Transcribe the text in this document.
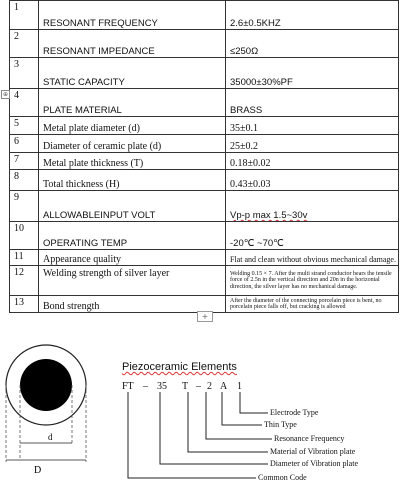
1	RESONANT FREQUENCY	2.6±0.5KHZ
2	RESONANT IMPEDANCE	≤250Ω
3	STATIC CAPACITY	35000±30%PF
4	PLATE MATERIAL	BRASS
5	Metal plate diameter (d)	35±0.1
6	Diameter of ceramic plate (d)	25±0.2
7	Metal plate thickness (T)	0.18±0.02
8	Total thickness (H)	0.43±0.03
9	ALLOWABLEINPUT VOLT	Vp-p max 1.5~30v
10	OPERATING TEMP	-20℃ ~70℃
11	Appearance quality	Flat and clean without obvious mechanical damage.
12	Welding strength of silver layer	Welding 0.15 × 7. After the multi strand conductor bears the tensile force of 2.5n in the vertical direction and 20n in the horizontal direction, the silver layer has no mechanical damage.
13	Bond strength	After the diameter of the connecting porcelain piece is bent, no porcelain piece falls off, but cracking is allowed
⊕
+
d
D
Piezoceramic Elements
FT – 35 T – 2 A 1
Electrode Type
Thin Type
Resonance Frequency
Material of Vibration plate
Diameter of Vibration plate
Common Code
